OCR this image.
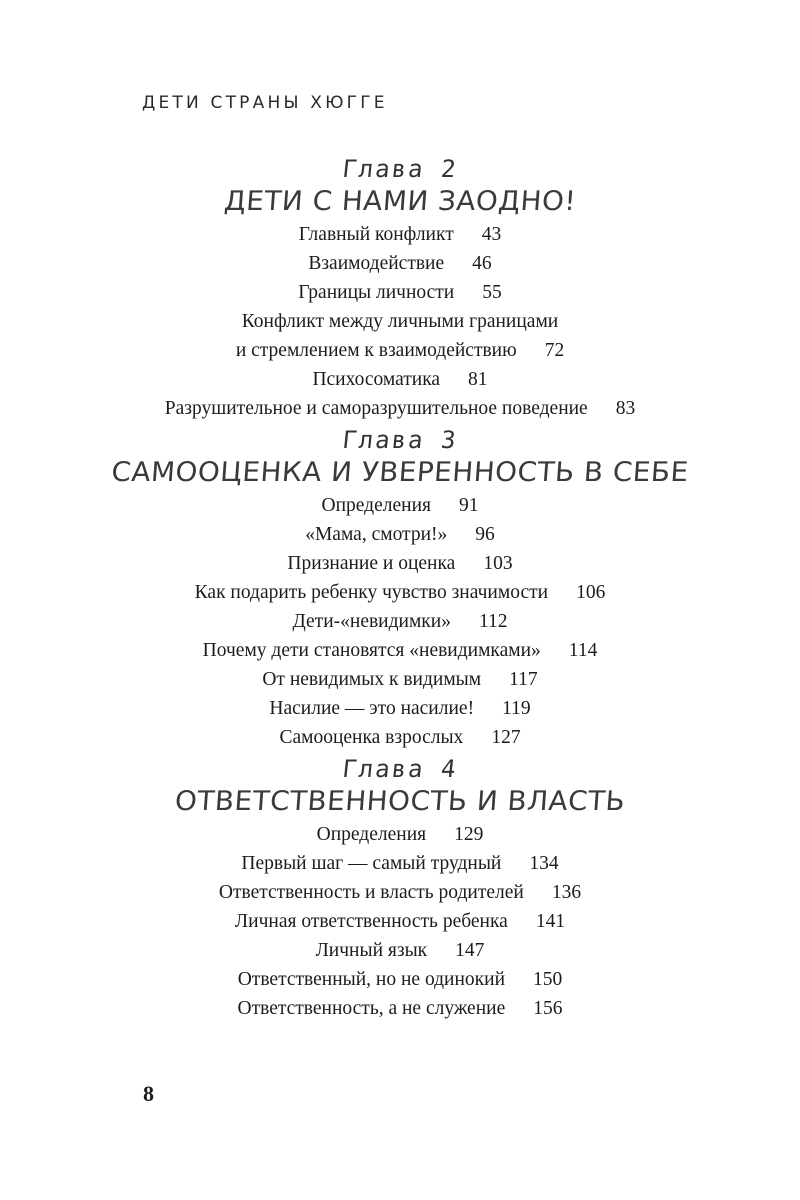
ДЕТИ СТРАНЫ ХЮГГЕ
Глава 2
ДЕТИ С НАМИ ЗАОДНО!
Главный конфликт 43
Взаимодействие 46
Границы личности 55
Конфликт между личными границами
и стремлением к взаимодействию 72
Психосоматика 81
Разрушительное и саморазрушительное поведение 83
Глава 3
САМООЦЕНКА И УВЕРЕННОСТЬ В СЕБЕ
Определения 91
«Мама, смотри!» 96
Признание и оценка 103
Как подарить ребенку чувство значимости 106
Дети-«невидимки» 112
Почему дети становятся «невидимками» 114
От невидимых к видимым 117
Насилие — это насилие! 119
Самооценка взрослых 127
Глава 4
ОТВЕТСТВЕННОСТЬ И ВЛАСТЬ
Определения 129
Первый шаг — самый трудный 134
Ответственность и власть родителей 136
Личная ответственность ребенка 141
Личный язык 147
Ответственный, но не одинокий 150
Ответственность, а не служение 156
8
